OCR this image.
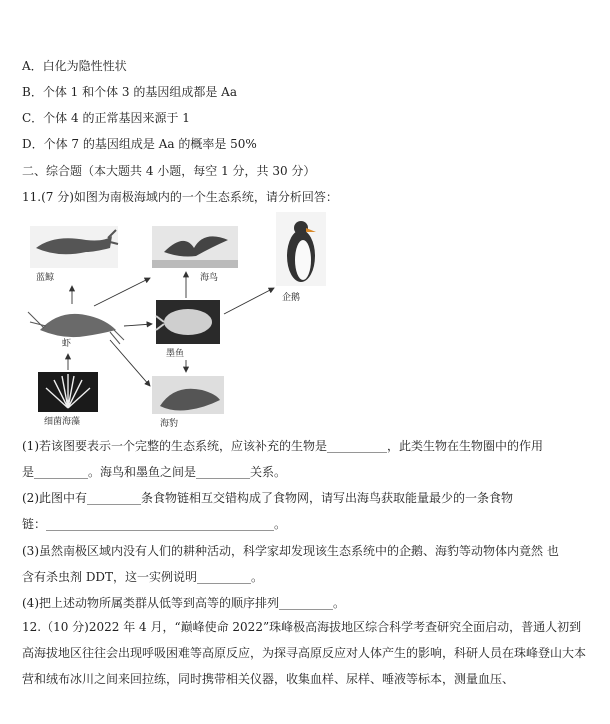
A．白化为隐性性状
B．个体 1 和个体 3 的基因组成都是 Aa
C．个体 4 的正常基因来源于 1
D．个体 7 的基因组成是 Aa 的概率是 50%
二、综合题（本大题共 4 小题，每空 1 分，共 30 分）
11.(7 分)如图为南极海域内的一个生态系统，请分析回答：
蓝鲸	海鸟
企鹅
虾
墨鱼
细菌海藻	海豹
(1)若该图要表示一个完整的生态系统，应该补充的生物是__________，此类生物在生物圈中的作用
是_________。海鸟和墨鱼之间是_________关系。
(2)此图中有_________条食物链相互交错构成了食物网，请写出海鸟获取能量最少的一条食物
链：______________________________________。
(3)虽然南极区域内没有人们的耕种活动，科学家却发现该生态系统中的企鹅、海豹等动物体内竟然 也
含有杀虫剂 DDT，这一实例说明_________。
(4)把上述动物所属类群从低等到高等的顺序排列_________。
12.（10 分)2022 年 4 月，“巅峰使命 2022”珠峰极高海拔地区综合科学考查研究全面启动，普通人初到高海拔地区往往会出现呼吸困难等高原反应，为探寻高原反应对人体产生的影响，科研人员在珠峰登山大本营和绒布冰川之间来回拉练，同时携带相关仪器，收集血样、尿样、唾液等标本，测量血压、
